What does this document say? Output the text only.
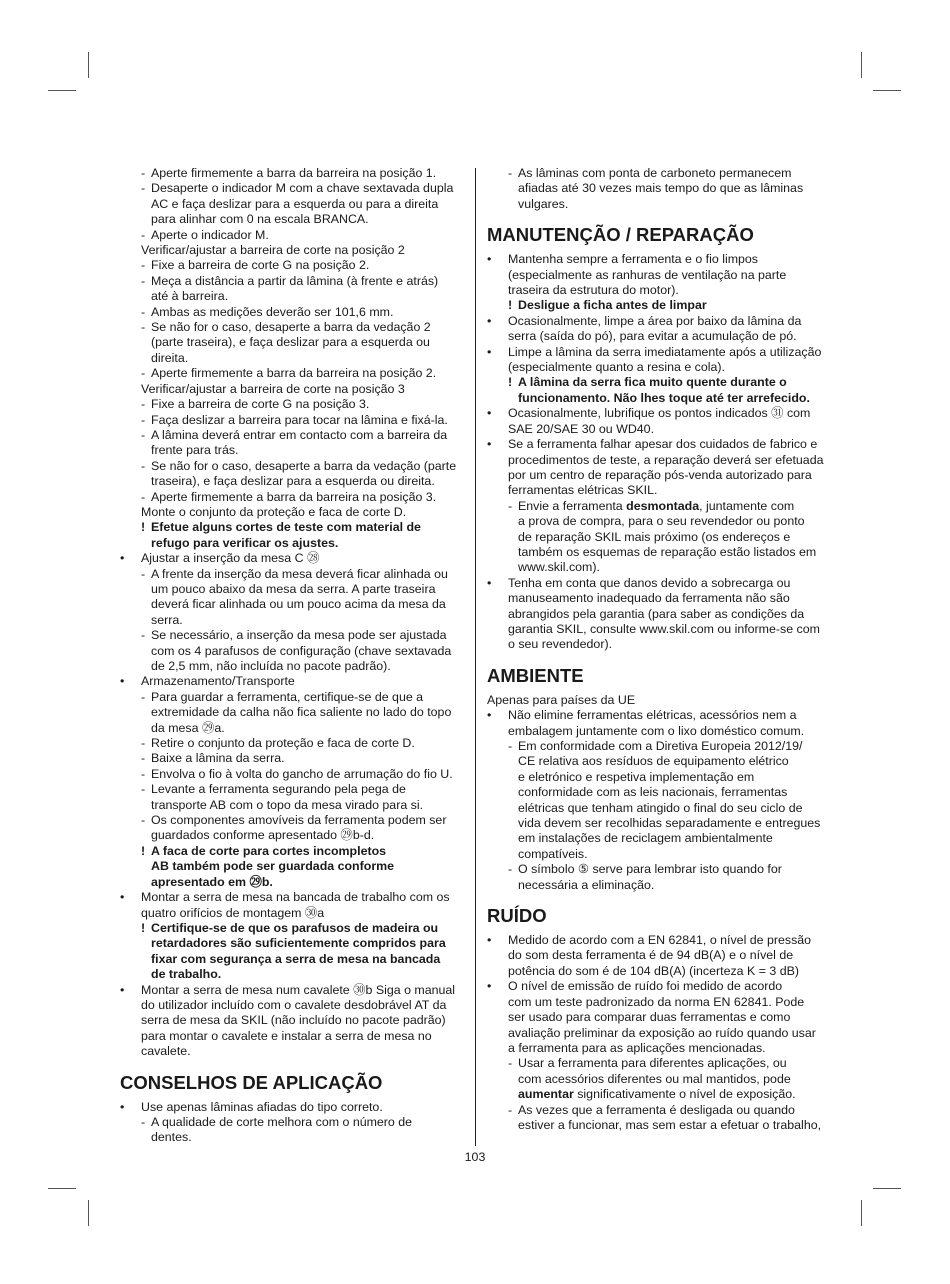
- Aperte firmemente a barra da barreira na posição 1.
- Desaperte o indicador M com a chave sextavada dupla
AC e faça deslizar para a esquerda ou para a direita
para alinhar com 0 na escala BRANCA.
- Aperte o indicador M.
Verificar/ajustar a barreira de corte na posição 2
- Fixe a barreira de corte G na posição 2.
- Meça a distância a partir da lâmina (à frente e atrás)
até à barreira.
- Ambas as medições deverão ser 101,6 mm.
- Se não for o caso, desaperte a barra da vedação 2
(parte traseira), e faça deslizar para a esquerda ou
direita.
- Aperte firmemente a barra da barreira na posição 2.
Verificar/ajustar a barreira de corte na posição 3
- Fixe a barreira de corte G na posição 3.
- Faça deslizar a barreira para tocar na lâmina e fixá-la.
- A lâmina deverá entrar em contacto com a barreira da
frente para trás.
- Se não for o caso, desaperte a barra da vedação (parte
traseira), e faça deslizar para a esquerda ou direita.
- Aperte firmemente a barra da barreira na posição 3.
Monte o conjunto da proteção e faca de corte D.
! Efetue alguns cortes de teste com material de
refugo para verificar os ajustes.
• Ajustar a inserção da mesa C ㉘
- A frente da inserção da mesa deverá ficar alinhada ou
um pouco abaixo da mesa da serra. A parte traseira
deverá ficar alinhada ou um pouco acima da mesa da
serra.
- Se necessário, a inserção da mesa pode ser ajustada
com os 4 parafusos de configuração (chave sextavada
de 2,5 mm, não incluída no pacote padrão).
• Armazenamento/Transporte
- Para guardar a ferramenta, certifique-se de que a
extremidade da calha não fica saliente no lado do topo
da mesa ㉙a.
- Retire o conjunto da proteção e faca de corte D.
- Baixe a lâmina da serra.
- Envolva o fio à volta do gancho de arrumação do fio U.
- Levante a ferramenta segurando pela pega de
transporte AB com o topo da mesa virado para si.
- Os componentes amovíveis da ferramenta podem ser
guardados conforme apresentado ㉙b-d.
! A faca de corte para cortes incompletos
AB também pode ser guardada conforme
apresentado em ㉙b.
• Montar a serra de mesa na bancada de trabalho com os
quatro orifícios de montagem ㉚a
! Certifique-se de que os parafusos de madeira ou
retardadores são suficientemente compridos para
fixar com segurança a serra de mesa na bancada
de trabalho.
• Montar a serra de mesa num cavalete ㉚b Siga o manual
do utilizador incluído com o cavalete desdobrável AT da
serra de mesa da SKIL (não incluído no pacote padrão)
para montar o cavalete e instalar a serra de mesa no
cavalete.
CONSELHOS DE APLICAÇÃO
• Use apenas lâminas afiadas do tipo correto.
- A qualidade de corte melhora com o número de
dentes.
- As lâminas com ponta de carboneto permanecem
afiadas até 30 vezes mais tempo do que as lâminas
vulgares.
MANUTENÇÃO / REPARAÇÃO
• Mantenha sempre a ferramenta e o fio limpos
(especialmente as ranhuras de ventilação na parte
traseira da estrutura do motor).
! Desligue a ficha antes de limpar
• Ocasionalmente, limpe a área por baixo da lâmina da
serra (saída do pó), para evitar a acumulação de pó.
• Limpe a lâmina da serra imediatamente após a utilização
(especialmente quanto a resina e cola).
! A lâmina da serra fica muito quente durante o
funcionamento. Não lhes toque até ter arrefecido.
• Ocasionalmente, lubrifique os pontos indicados ㉛ com
SAE 20/SAE 30 ou WD40.
• Se a ferramenta falhar apesar dos cuidados de fabrico e
procedimentos de teste, a reparação deverá ser efetuada
por um centro de reparação pós-venda autorizado para
ferramentas elétricas SKIL.
- Envie a ferramenta desmontada, juntamente com
a prova de compra, para o seu revendedor ou ponto
de reparação SKIL mais próximo (os endereços e
também os esquemas de reparação estão listados em
www.skil.com).
• Tenha em conta que danos devido a sobrecarga ou
manuseamento inadequado da ferramenta não são
abrangidos pela garantia (para saber as condições da
garantia SKIL, consulte www.skil.com ou informe-se com
o seu revendedor).
AMBIENTE
Apenas para países da UE
• Não elimine ferramentas elétricas, acessórios nem a
embalagem juntamente com o lixo doméstico comum.
- Em conformidade com a Diretiva Europeia 2012/19/
CE relativa aos resíduos de equipamento elétrico
e eletrónico e respetiva implementação em
conformidade com as leis nacionais, ferramentas
elétricas que tenham atingido o final do seu ciclo de
vida devem ser recolhidas separadamente e entregues
em instalações de reciclagem ambientalmente
compatíveis.
- O símbolo ⑤ serve para lembrar isto quando for
necessária a eliminação.
RUÍDO
• Medido de acordo com a EN 62841, o nível de pressão
do som desta ferramenta é de 94 dB(A) e o nível de
potência do som é de 104 dB(A) (incerteza K = 3 dB)
• O nível de emissão de ruído foi medido de acordo
com um teste padronizado da norma EN 62841. Pode
ser usado para comparar duas ferramentas e como
avaliação preliminar da exposição ao ruído quando usar
a ferramenta para as aplicações mencionadas.
- Usar a ferramenta para diferentes aplicações, ou
com acessórios diferentes ou mal mantidos, pode
aumentar significativamente o nível de exposição.
- As vezes que a ferramenta é desligada ou quando
estiver a funcionar, mas sem estar a efetuar o trabalho,
103
